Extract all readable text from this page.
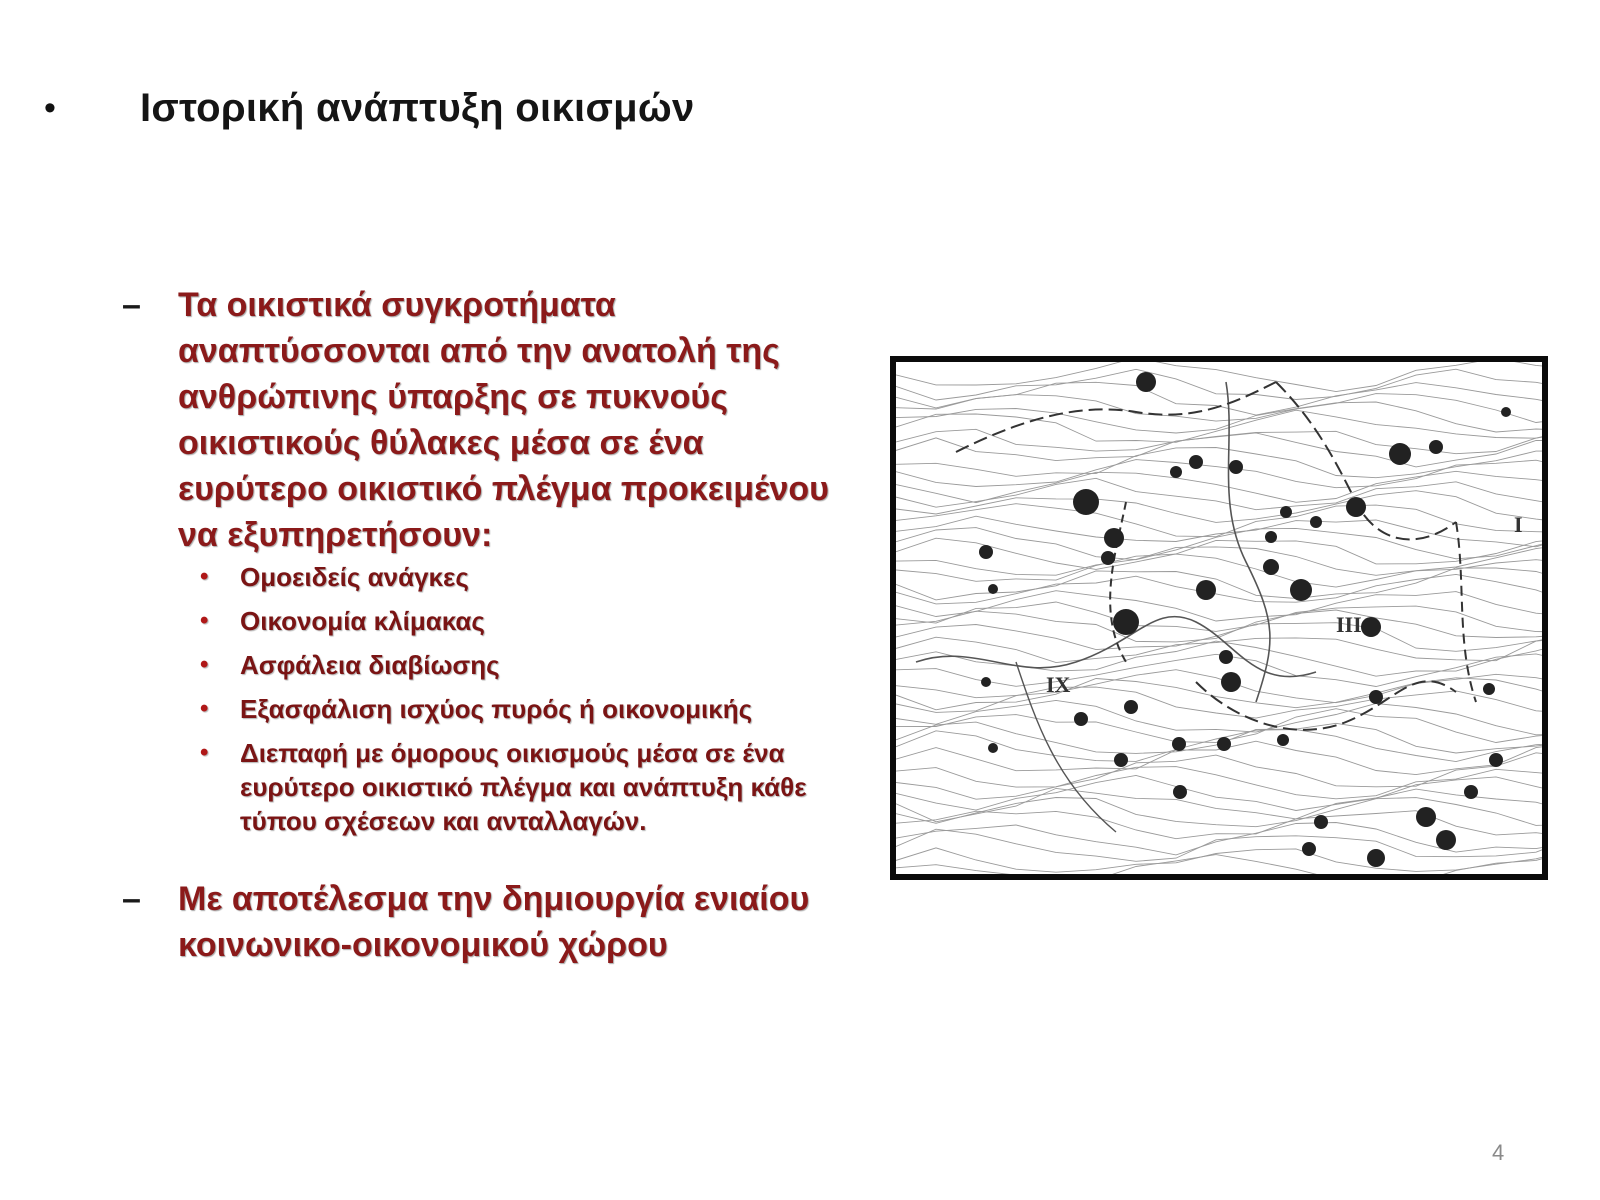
•	Ιστορική ανάπτυξη οικισμών
–	Τα οικιστικά συγκροτήματα αναπτύσσονται από την ανατολή της ανθρώπινης ύπαρξης σε πυκνούς οικιστικούς θύλακες μέσα σε ένα ευρύτερο οικιστικό πλέγμα προκειμένου να εξυπηρετήσουν:
•	Ομοειδείς ανάγκες
•	Οικονομία κλίμακας
•	Ασφάλεια διαβίωσης
•	Εξασφάλιση ισχύος πυρός ή οικονομικής
•	Διεπαφή με όμορους οικισμούς μέσα σε ένα ευρύτερο οικιστικό πλέγμα και ανάπτυξη κάθε τύπου σχέσεων και ανταλλαγών.
–	Με αποτέλεσμα την δημιουργία ενιαίου κοινωνικο-οικονομικού χώρου
I
III
IX
4
